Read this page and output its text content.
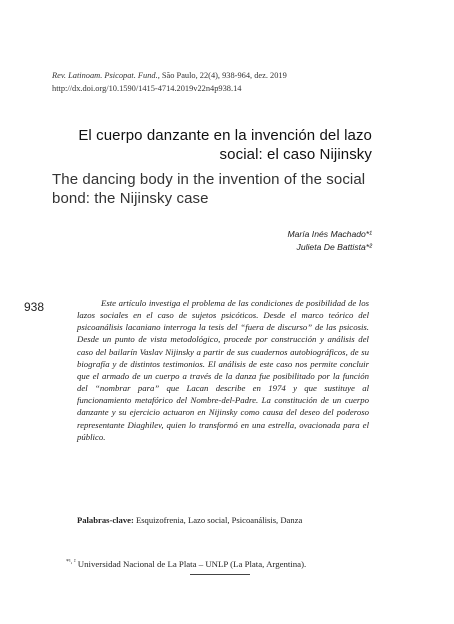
Rev. Latinoam. Psicopat. Fund., São Paulo, 22(4), 938-964, dez. 2019
http://dx.doi.org/10.1590/1415-4714.2019v22n4p938.14
El cuerpo danzante en la invención del lazo social: el caso Nijinsky
The dancing body in the invention of the social bond: the Nijinsky case
María Inés Machado*¹
Julieta De Battista*²
938	Este artículo investiga el problema de las condiciones de posibilidad de los lazos sociales en el caso de sujetos psicóticos. Desde el marco teórico del psicoanálisis lacaniano interroga la tesis del “fuera de discurso” de las psicosis. Desde un punto de vista metodológico, procede por construcción y análisis del caso del bailarín Vaslav Nijinsky a partir de sus cuadernos autobiográficos, de su biografía y de distintos testimonios. El análisis de este caso nos permite concluir que el armado de un cuerpo a través de la danza fue posibilitado por la función del “nombrar para” que Lacan describe en 1974 y que sustituye al funcionamiento metafórico del Nombre-del-Padre. La constitución de un cuerpo danzante y su ejercicio actuaron en Nijinsky como causa del deseo del poderoso representante Diaghilev, quien lo transformó en una estrella, ovacionada para el público.

Palabras-clave: Esquizofrenia, Lazo social, Psicoanálisis, Danza
$^{*^1, ^2}$ Universidad Nacional de La Plata – UNLP (La Plata, Argentina).
